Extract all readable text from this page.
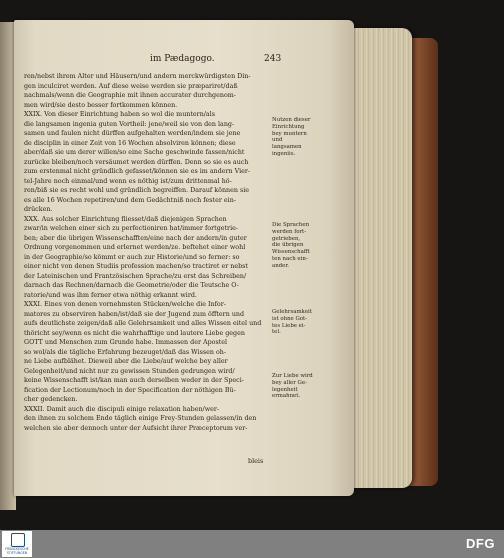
im Pædagogo.	243
ren/nebst ihrem Alter und Häusern/und andern merckwürdigsten Din-
gen inculciret werden. Auf diese weise werden sie præpariret/daß
nachmals/wenn die Geographie mit ihnen accurater durchgenom-
men wird/sie desto besser fortkommen können.
XXIX. Von dieser Einrichtung haben so wol die muntern/als
die langsamen ingenia guten Vortheil: jene/weil sie von den lang-
samen und faulen nicht dürffen aufgehalten werden/indem sie jene
de disciplin in einer Zeit von 16 Wochen absolviren können; diese
aber/daß sie um derer willen/so eine Sache geschwinde fassen/nicht
zurücke bleiben/noch versäumet werden dürffen. Denn so sie es auch
zum erstenmal nicht gründlich gefasset/können sie es im andern Vier-
tel-Jahre noch einmal/und wenn es nöthig ist/zum drittenmal hö-
ren/biß sie es recht wohl und gründlich begreiffen. Darauf können sie
es alle 16 Wochen repetiren/und dem Gedächtniß noch fester ein-
drücken.
XXX. Aus solcher Einrichtung fliesset/daß diejenigen Sprachen
zwar/in welchen einer sich zu perfectioniren hat/immer fortgetrie-
ben; aber die übrigen Wissenschafften/eine nach der andern/in guter
Ordnung vorgenommen und erlernet werden/ze. beftehet einer wohl
in der Geographie/so kömmt er auch zur Historie/und so ferner: so
einer nicht von denen Studiis profession machen/so tractiret er nebst
der Lateinischen und Frantzösischen Sprache/zu erst das Schreiben/
darnach das Rechnen/darnach die Geometrie/oder die Teutsche O-
ratorie/und was ihm ferner etwa nöthig erkannt wird.
XXXI. Eines von denen vornehmsten Stücken/welche die Infor-
matores zu observiren haben/ist/daß sie der Jugend zum öfftern und
aufs deutlichste zeigen/daß alle Gelehrsamkeit und alles Wissen eitel und
thöricht sey/wenn es nicht die wahrhafftige und lautere Liebe gegen
GOTT und Menschen zum Grunde habe. Immassen der Apostel
so wol/als die tägliche Erfahrung bezeuget/daß das Wissen oh-
ne Liebe aufblähet. Dieweil aber die Liebe/auf welche bey aller
Gelegenheit/und nicht nur zu gewissen Stunden gedrungen wird/
keine Wissenschafft ist/kan man auch derselben weder in der Speci-
fication der Lectionum/noch in der Specification der nöthigen Bü-
cher gedencken.
XXXII. Damit auch die discipuli einige relaxation haben/wer-
den ihnen zu solchem Ende täglich einige Frey-Stunden gelassen/in den
welchen sie aber dennoch unter der Aufsicht ihrer Præceptorum ver-
Nutzen dieser
Einrichtung
bey muntern
und
langsamen
ingeniis.
Die Sprachen
werden fort-
getrieben,
die übrigen
Wissenschafft
ten nach ein-
ander.
Gelehrsamkeit
ist ohne Got-
tes Liebe ei-
tel.
Zur Liebe wird
bey aller Ge-
legenheit
ermahnet.
bleis
FRANCKESCHE
STIFTUNGEN
DFG
